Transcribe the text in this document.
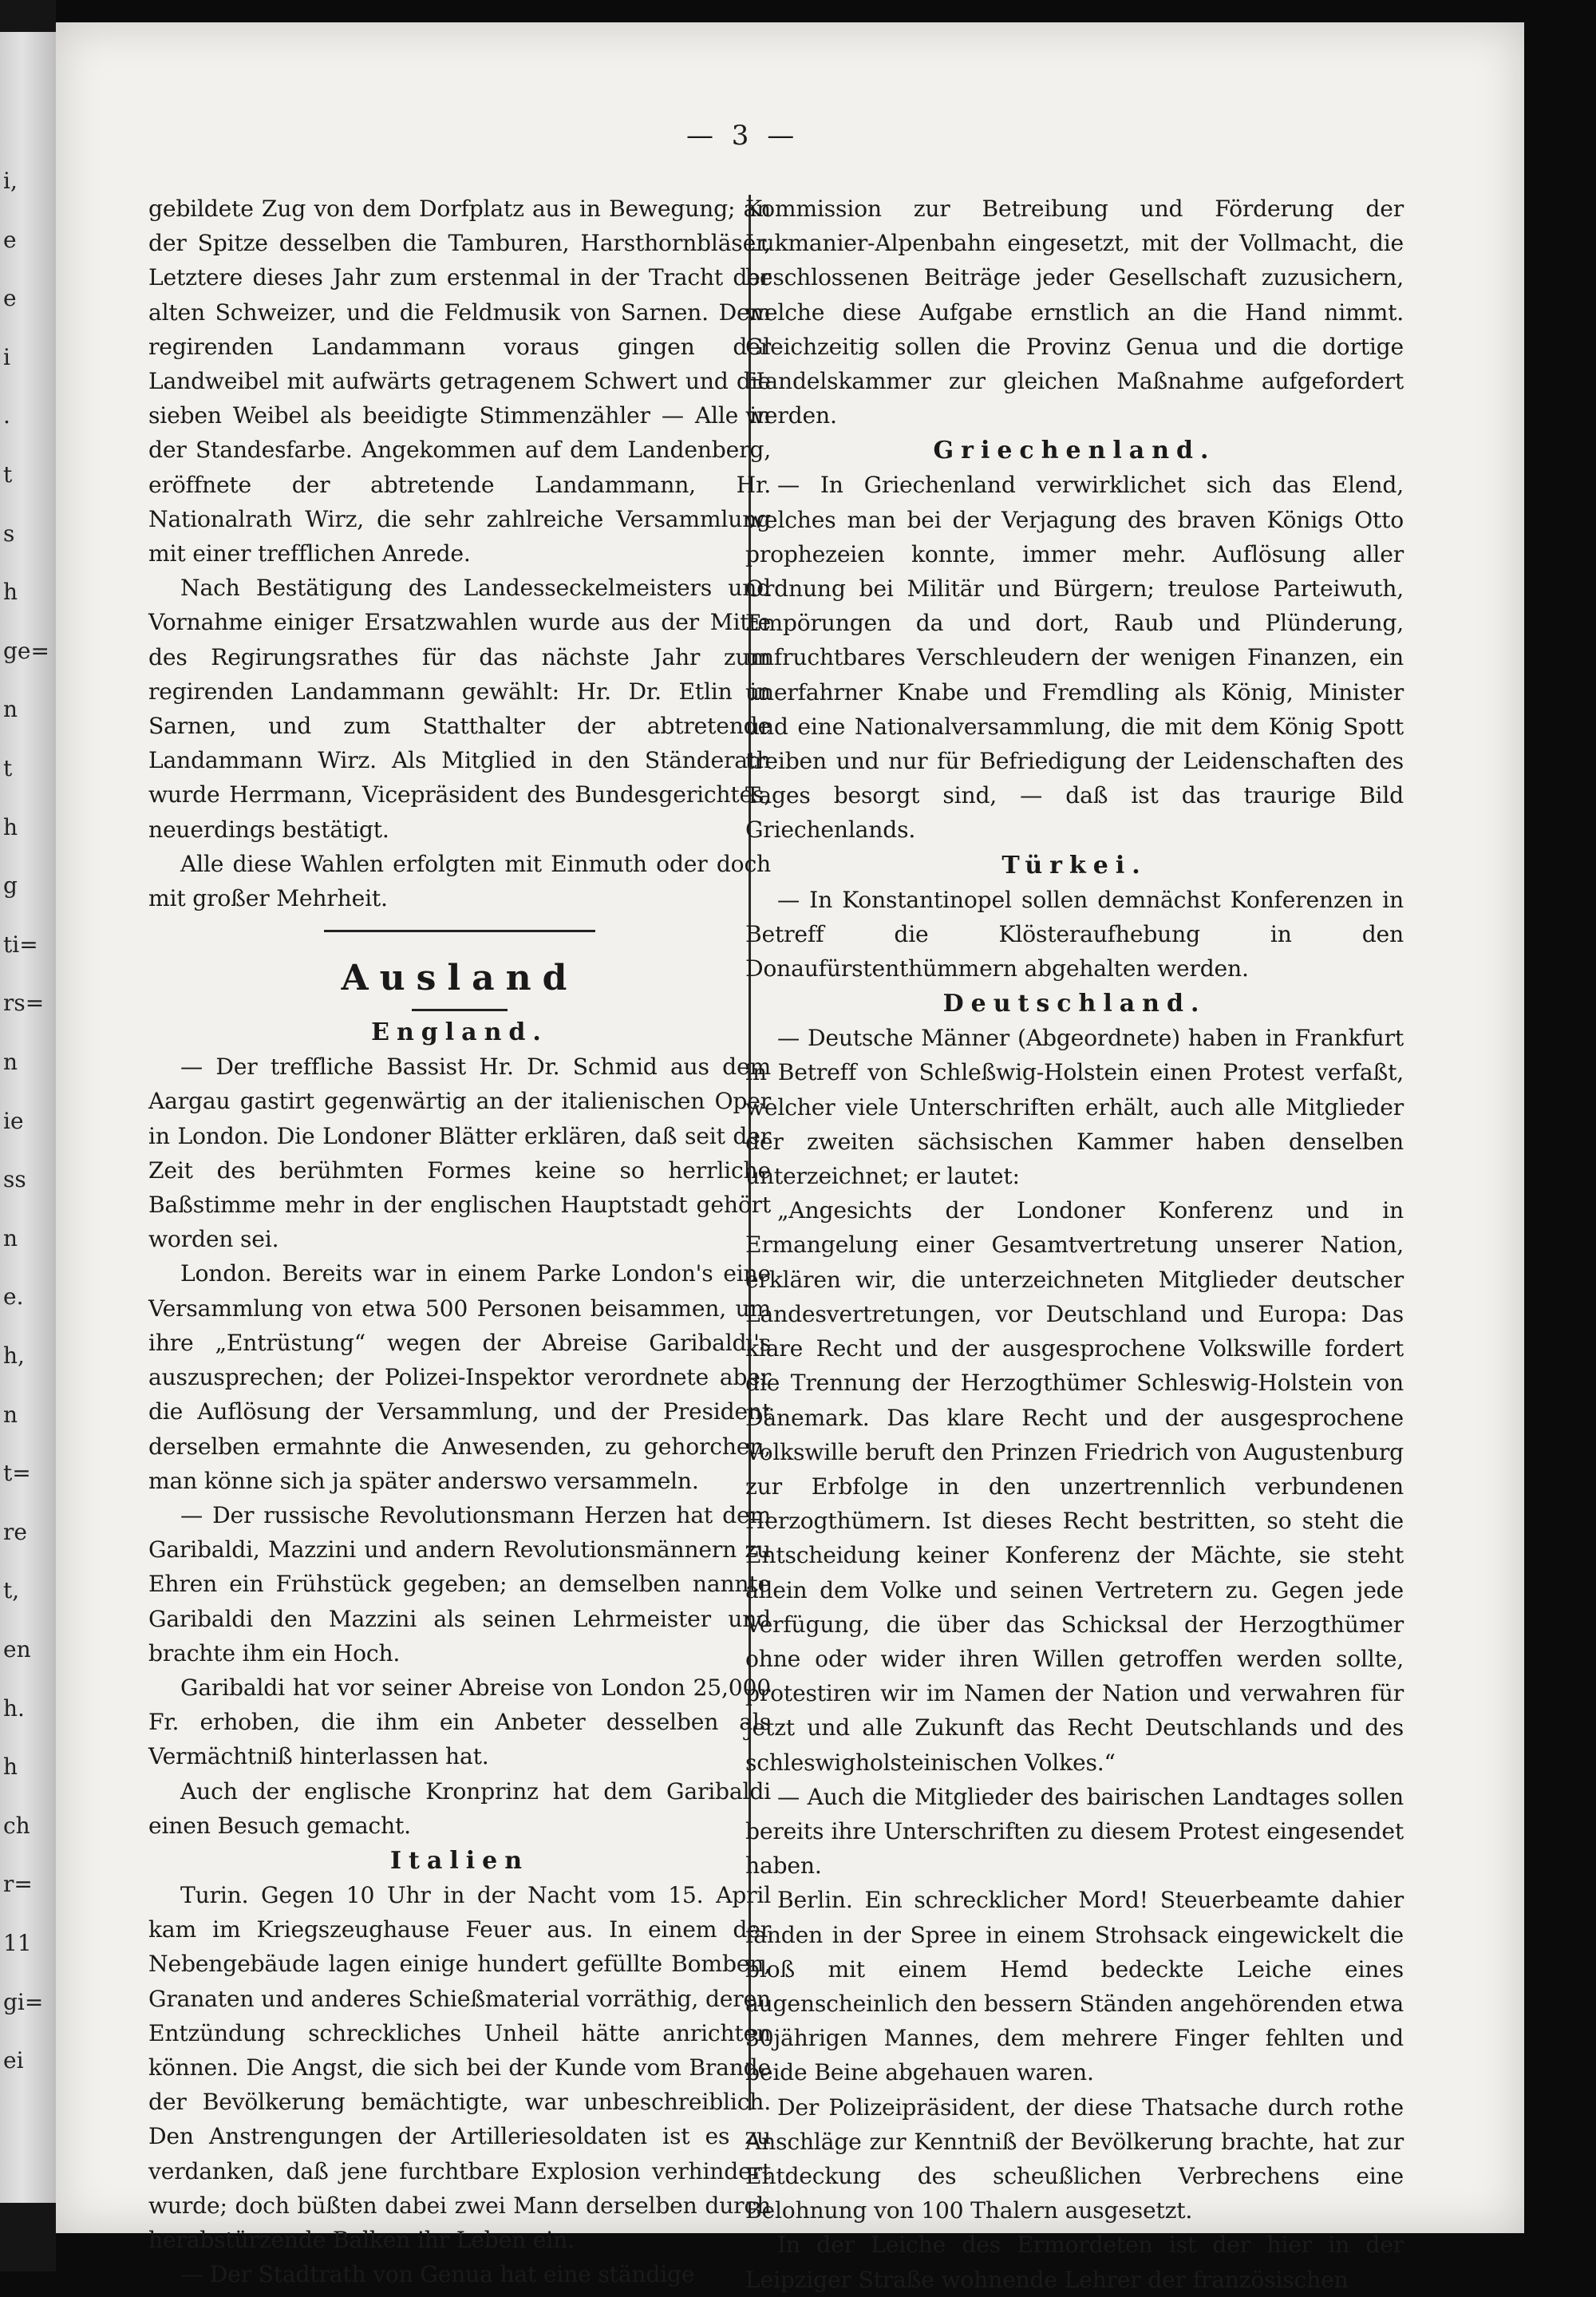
i,
e
e
i
.
t
s
h
ge=
n
t
h
g
ti=
rs=
n
ie
ss
n
e.
h,
n
t=
re
t,
en
h.
h
ch
r=
11
gi=
ei
— 3 —

gebildete Zug von dem Dorfplatz aus in Bewegung; an der Spitze desselben die Tamburen, Harsthornbläser, Letztere dieses Jahr zum erstenmal in der Tracht der alten Schweizer, und die Feldmusik von Sarnen. Dem regirenden Landammann voraus gingen der Landweibel mit aufwärts getragenem Schwert und die sieben Weibel als beeidigte Stimmenzähler — Alle in der Standesfarbe. Angekommen auf dem Landenberg, eröffnete der abtretende Landammann, Hr. Nationalrath Wirz, die sehr zahlreiche Versammlung mit einer trefflichen Anrede.

Nach Bestätigung des Landesseckelmeisters und Vornahme einiger Ersatzwahlen wurde aus der Mitte des Regirungsrathes für das nächste Jahr zum regirenden Landammann gewählt: Hr. Dr. Etlin in Sarnen, und zum Statthalter der abtretende Landammann Wirz. Als Mitglied in den Ständerath wurde Herrmann, Vicepräsident des Bundesgerichtes, neuerdings bestätigt.

Alle diese Wahlen erfolgten mit Einmuth oder doch mit großer Mehrheit.

Ausland
England.

— Der treffliche Bassist Hr. Dr. Schmid aus dem Aargau gastirt gegenwärtig an der italienischen Oper in London. Die Londoner Blätter erklären, daß seit der Zeit des berühmten Formes keine so herrliche Baßstimme mehr in der englischen Hauptstadt gehört worden sei.

London. Bereits war in einem Parke London's eine Versammlung von etwa 500 Personen beisammen, um ihre „Entrüstung“ wegen der Abreise Garibaldi's auszusprechen; der Polizei-Inspektor verordnete aber die Auflösung der Versammlung, und der President derselben ermahnte die Anwesenden, zu gehorchen, man könne sich ja später anderswo versammeln.

— Der russische Revolutionsmann Herzen hat dem Garibaldi, Mazzini und andern Revolutionsmännern zu Ehren ein Frühstück gegeben; an demselben nannte Garibaldi den Mazzini als seinen Lehrmeister und brachte ihm ein Hoch.

Garibaldi hat vor seiner Abreise von London 25,000 Fr. erhoben, die ihm ein Anbeter desselben als Vermächtniß hinterlassen hat.

Auch der englische Kronprinz hat dem Garibaldi einen Besuch gemacht.

Italien

Turin. Gegen 10 Uhr in der Nacht vom 15. April kam im Kriegszeughause Feuer aus. In einem der Nebengebäude lagen einige hundert gefüllte Bomben, Granaten und anderes Schießmaterial vorräthig, deren Entzündung schreckliches Unheil hätte anrichten können. Die Angst, die sich bei der Kunde vom Brande der Bevölkerung bemächtigte, war unbeschreiblich. Den Anstrengungen der Artilleriesoldaten ist es zu verdanken, daß jene furchtbare Explosion verhindert wurde; doch büßten dabei zwei Mann derselben durch herabstürzende Balken ihr Leben ein.

— Der Stadtrath von Genua hat eine ständige

Kommission zur Betreibung und Förderung der Lukmanier-Alpenbahn eingesetzt, mit der Vollmacht, die beschlossenen Beiträge jeder Gesellschaft zuzusichern, welche diese Aufgabe ernstlich an die Hand nimmt. Gleichzeitig sollen die Provinz Genua und die dortige Handelskammer zur gleichen Maßnahme aufgefordert werden.

Griechenland.

— In Griechenland verwirklichet sich das Elend, welches man bei der Verjagung des braven Königs Otto prophezeien konnte, immer mehr. Auflösung aller Ordnung bei Militär und Bürgern; treulose Parteiwuth, Empörungen da und dort, Raub und Plünderung, unfruchtbares Verschleudern der wenigen Finanzen, ein unerfahrner Knabe und Fremdling als König, Minister und eine Nationalversammlung, die mit dem König Spott treiben und nur für Befriedigung der Leidenschaften des Tages besorgt sind, — daß ist das traurige Bild Griechenlands.

Türkei.

— In Konstantinopel sollen demnächst Konferenzen in Betreff die Klösteraufhebung in den Donaufürstenthümmern abgehalten werden.

Deutschland.

— Deutsche Männer (Abgeordnete) haben in Frankfurt in Betreff von Schleßwig-Holstein einen Protest verfaßt, welcher viele Unterschriften erhält, auch alle Mitglieder der zweiten sächsischen Kammer haben denselben unterzeichnet; er lautet:

„Angesichts der Londoner Konferenz und in Ermangelung einer Gesamtvertretung unserer Nation, erklären wir, die unterzeichneten Mitglieder deutscher Landesvertretungen, vor Deutschland und Europa: Das klare Recht und der ausgesprochene Volkswille fordert die Trennung der Herzogthümer Schleswig-Holstein von Dänemark. Das klare Recht und der ausgesprochene Volkswille beruft den Prinzen Friedrich von Augustenburg zur Erbfolge in den unzertrennlich verbundenen Herzogthümern. Ist dieses Recht bestritten, so steht die Entscheidung keiner Konferenz der Mächte, sie steht allein dem Volke und seinen Vertretern zu. Gegen jede Verfügung, die über das Schicksal der Herzogthümer ohne oder wider ihren Willen getroffen werden sollte, protestiren wir im Namen der Nation und verwahren für jetzt und alle Zukunft das Recht Deutschlands und des schleswigholsteinischen Volkes.“

— Auch die Mitglieder des bairischen Landtages sollen bereits ihre Unterschriften zu diesem Protest eingesendet haben.

Berlin. Ein schrecklicher Mord! Steuerbeamte dahier fanden in der Spree in einem Strohsack eingewickelt die bloß mit einem Hemd bedeckte Leiche eines augenscheinlich den bessern Ständen angehörenden etwa 30jährigen Mannes, dem mehrere Finger fehlten und beide Beine abgehauen waren.

Der Polizeipräsident, der diese Thatsache durch rothe Anschläge zur Kenntniß der Bevölkerung brachte, hat zur Entdeckung des scheußlichen Verbrechens eine Belohnung von 100 Thalern ausgesetzt.

In der Leiche des Ermordeten ist der hier in der Leipziger Straße wohnende Lehrer der französischen
